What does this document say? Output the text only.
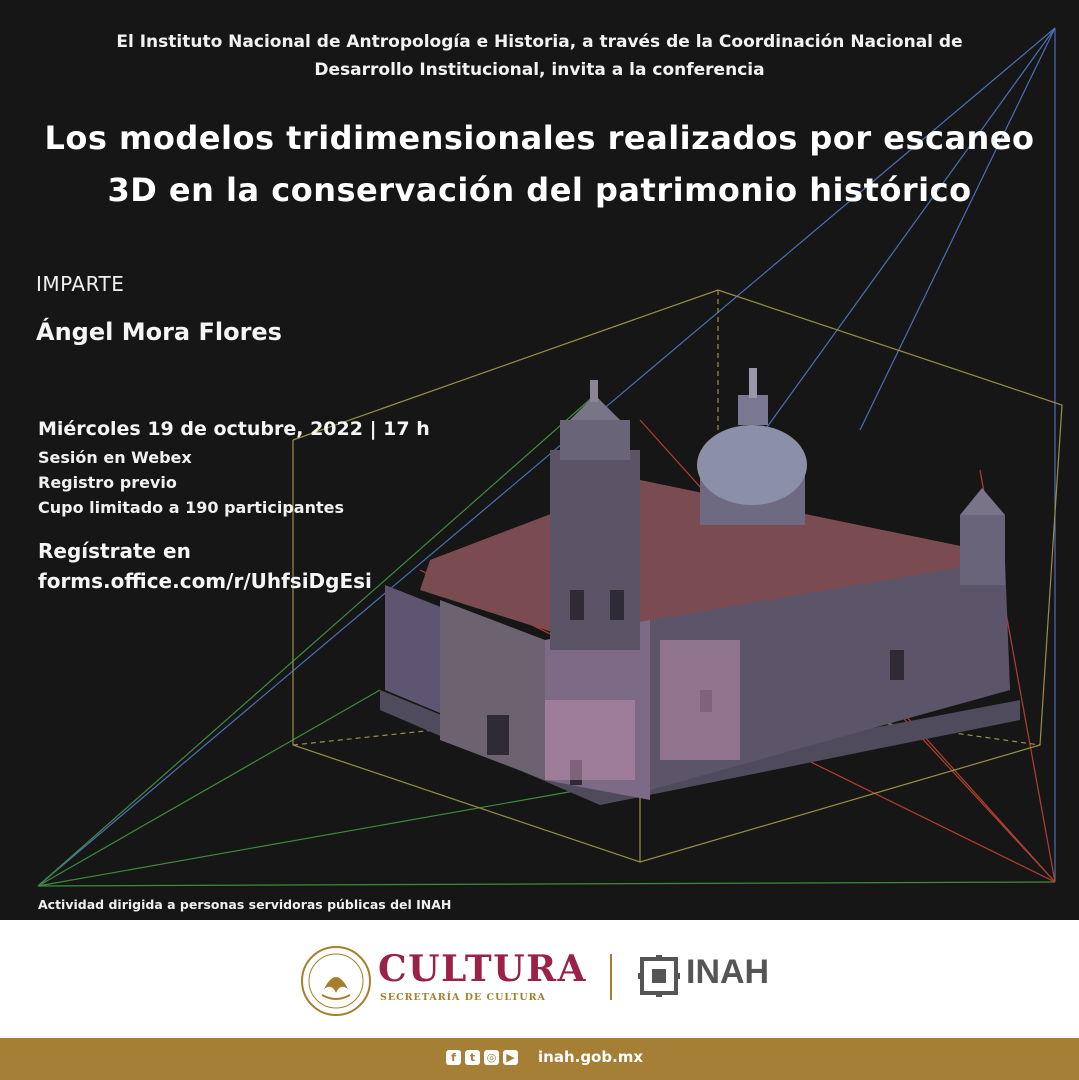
El Instituto Nacional de Antropología e Historia, a través de la Coordinación Nacional de
Desarrollo Institucional, invita a la conferencia
Los modelos tridimensionales realizados por escaneo
3D en la conservación del patrimonio histórico
IMPARTE
Ángel Mora Flores
Miércoles 19 de octubre, 2022 | 17 h
Sesión en Webex
Registro previo
Cupo limitado a 190 participantes
Regístrate en
forms.office.com/r/UhfsiDgEsi
Actividad dirigida a personas servidoras públicas del INAH
CULTURA
SECRETARÍA DE CULTURA
INAH
f	t	◎ ▶ inah.gob.mx
